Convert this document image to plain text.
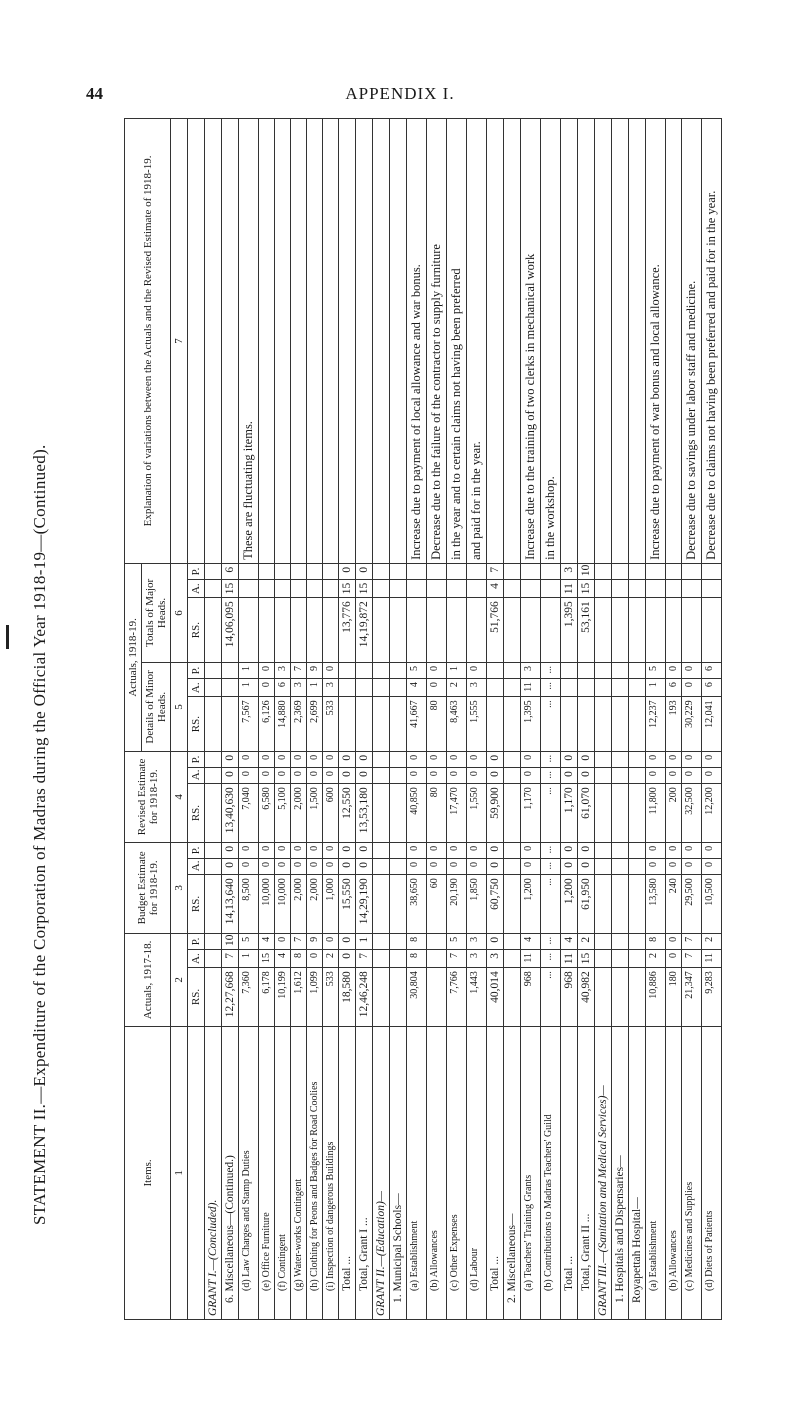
44	APPENDIX I.
STATEMENT II.—Expenditure of the Corporation of Madras during the Official Year 1918-19—(Continued).	Items.	Actuals, 1917-18.			Budget Estimate for 1918-19.			Revised Estimate for 1918-19.			Actuals, 1918-19.						Explanation of variations between the Actuals and the Revised Estimate of 1918-19.
										Details of Minor Heads.			Totals of Major Heads.			
1	2			3			4			5			6			7
	RS.	A.	P.	RS.	A.	P.	RS.	A.	P.	RS.	A.	P.	RS.	A.	P.	
GRANT I.—(Concluded).																
6. Miscellaneous—(Continued.)	12,27,668	7	10	14,13,640	0	0	13,40,630	0	0				14,06,095	15	6	
(d) Law Charges and Stamp Duties	7,360	1	5	8,500	0	0	7,040	0	0	7,567	1	1				These are fluctuating items.
(e) Office Furniture	6,178	15	4	10,000	0	0	6,580	0	0	6,126	0	0				
(f) Contingent	10,199	4	0	10,000	0	0	5,100	0	0	14,880	6	3				
(g) Water-works Contingent	1,612	8	7	2,000	0	0	2,000	0	0	2,369	3	7				
(h) Clothing for Peons and Badges for Road Coolies	1,099	0	9	2,000	0	0	1,500	0	0	2,699	1	9				
(i) Inspection of dangerous Buildings	533	2	0	1,000	0	0	600	0	0	533	3	0				
Total ...	18,580	0	0	15,550	0	0	12,550	0	0				13,776	15	0	
Total, Grant I ...	12,46,248	7	1	14,29,190	0	0	13,53,180	0	0				14,19,872	15	0	
GRANT II.—(Education)—																
1. Municipal Schools—																
(a) Establishment	30,804	8	8	38,650	0	0	40,850	0	0	41,667	4	5				Increase due to payment of local allowance and war bonus.
(b) Allowances				60	0	0	80	0	0	80	0	0				Decrease due to the failure of the contractor to supply furniture
(c) Other Expenses	7,766	7	5	20,190	0	0	17,470	0	0	8,463	2	1				in the year and to certain claims not having been preferred
(d) Labour	1,443	3	3	1,850	0	0	1,550	0	0	1,555	3	0				and paid for in the year.
Total ...	40,014	3	0	60,750	0	0	59,900	0	0				51,766	4	7	
2. Miscellaneous—																
(a) Teachers' Training Grants	968	11	4	1,200	0	0	1,170	0	0	1,395	11	3				Increase due to the training of two clerks in mechanical work
(b) Contributions to Madras Teachers' Guild	...	...	...	...	...	...	...	...	...	...	...	...				in the workshop.
Total ...	968	11	4	1,200	0	0	1,170	0	0				1,395	11	3	
Total, Grant II ...	40,982	15	2	61,950	0	0	61,070	0	0				53,161	15	10	
GRANT III.—(Sanitation and Medical Services)—																
1. Hospitals and Dispensaries—																
Royapettah Hospital—																
(a) Establishment	10,886	2	8	13,580	0	0	11,800	0	0	12,237	1	5				Increase due to payment of war bonus and local allowance.
(b) Allowances	180	0	0	240	0	0	200	0	0	193	6	0				
(c) Medicines and Supplies	21,347	7	7	29,500	0	0	32,500	0	0	30,229	0	0				Decrease due to savings under labor staff and medicine.
(d) Diets of Patients	9,283	11	2	10,500	0	0	12,200	0	0	12,041	6	6				Decrease due to claims not having been preferred and paid for in the year.
